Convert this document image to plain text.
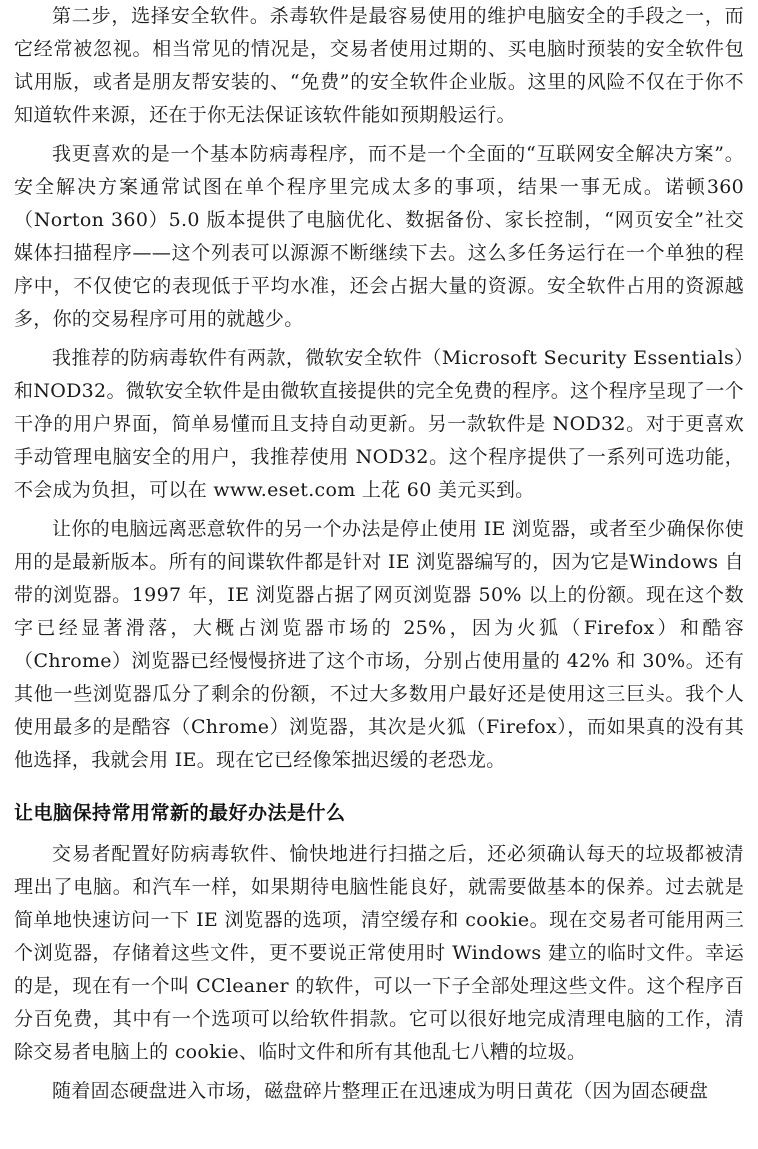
第二步，选择安全软件。杀毒软件是最容易使用的维护电脑安全的手段之一，而它经常被忽视。相当常见的情况是，交易者使用过期的、买电脑时预装的安全软件包试用版，或者是朋友帮安装的、“免费”的安全软件企业版。这里的风险不仅在于你不知道软件来源，还在于你无法保证该软件能如预期般运行。

我更喜欢的是一个基本防病毒程序，而不是一个全面的“互联网安全解决方案”。安全解决方案通常试图在单个程序里完成太多的事项，结果一事无成。诺顿360（Norton 360）5.0 版本提供了电脑优化、数据备份、家长控制，“网页安全”社交媒体扫描程序——这个列表可以源源不断继续下去。这么多任务运行在一个单独的程序中，不仅使它的表现低于平均水准，还会占据大量的资源。安全软件占用的资源越多，你的交易程序可用的就越少。

我推荐的防病毒软件有两款，微软安全软件（Microsoft Security Essentials）和NOD32。微软安全软件是由微软直接提供的完全免费的程序。这个程序呈现了一个干净的用户界面，简单易懂而且支持自动更新。另一款软件是 NOD32。对于更喜欢手动管理电脑安全的用户，我推荐使用 NOD32。这个程序提供了一系列可选功能，不会成为负担，可以在 www.eset.com 上花 60 美元买到。

让你的电脑远离恶意软件的另一个办法是停止使用 IE 浏览器，或者至少确保你使用的是最新版本。所有的间谍软件都是针对 IE 浏览器编写的，因为它是Windows 自带的浏览器。1997 年，IE 浏览器占据了网页浏览器 50% 以上的份额。现在这个数字已经显著滑落，大概占浏览器市场的 25%，因为火狐（Firefox）和酷容（Chrome）浏览器已经慢慢挤进了这个市场，分别占使用量的 42% 和 30%。还有其他一些浏览器瓜分了剩余的份额，不过大多数用户最好还是使用这三巨头。我个人使用最多的是酷容（Chrome）浏览器，其次是火狐（Firefox），而如果真的没有其他选择，我就会用 IE。现在它已经像笨拙迟缓的老恐龙。

让电脑保持常用常新的最好办法是什么

交易者配置好防病毒软件、愉快地进行扫描之后，还必须确认每天的垃圾都被清理出了电脑。和汽车一样，如果期待电脑性能良好，就需要做基本的保养。过去就是简单地快速访问一下 IE 浏览器的选项，清空缓存和 cookie。现在交易者可能用两三个浏览器，存储着这些文件，更不要说正常使用时 Windows 建立的临时文件。幸运的是，现在有一个叫 CCleaner 的软件，可以一下子全部处理这些文件。这个程序百分百免费，其中有一个选项可以给软件捐款。它可以很好地完成清理电脑的工作，清除交易者电脑上的 cookie、临时文件和所有其他乱七八糟的垃圾。

随着固态硬盘进入市场，磁盘碎片整理正在迅速成为明日黄花（因为固态硬盘
